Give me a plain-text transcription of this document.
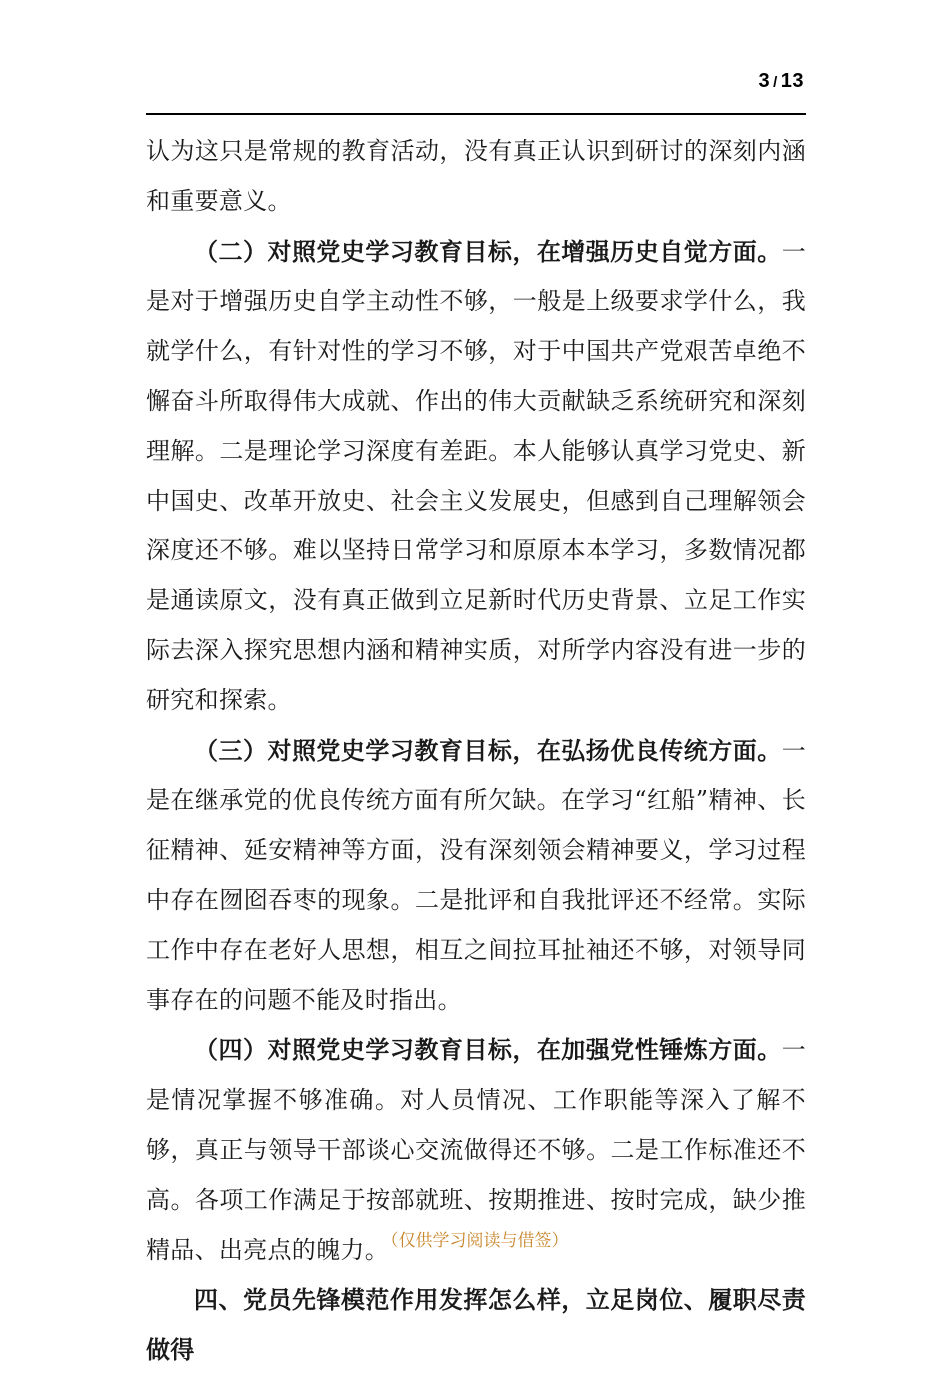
3 / 13

认为这只是常规的教育活动，没有真正认识到研讨的深刻内涵和重要意义。

（二）对照党史学习教育目标，在增强历史自觉方面。一是对于增强历史自学主动性不够，一般是上级要求学什么，我就学什么，有针对性的学习不够，对于中国共产党艰苦卓绝不懈奋斗所取得伟大成就、作出的伟大贡献缺乏系统研究和深刻理解。二是理论学习深度有差距。本人能够认真学习党史、新中国史、改革开放史、社会主义发展史，但感到自己理解领会深度还不够。难以坚持日常学习和原原本本学习，多数情况都是通读原文，没有真正做到立足新时代历史背景、立足工作实际去深入探究思想内涵和精神实质，对所学内容没有进一步的研究和探索。

（三）对照党史学习教育目标，在弘扬优良传统方面。一是在继承党的优良传统方面有所欠缺。在学习“红船”精神、长征精神、延安精神等方面，没有深刻领会精神要义，学习过程中存在囫囵吞枣的现象。二是批评和自我批评还不经常。实际工作中存在老好人思想，相互之间拉耳扯袖还不够，对领导同事存在的问题不能及时指出。

（四）对照党史学习教育目标，在加强党性锤炼方面。一是情况掌握不够准确。对人员情况、工作职能等深入了解不够，真正与领导干部谈心交流做得还不够。二是工作标准还不高。各项工作满足于按部就班、按期推进、按时完成，缺少推精品、出亮点的魄力。

四、党员先锋模范作用发挥怎么样，立足岗位、履职尽责做得

（仅供学习阅读与借签）
